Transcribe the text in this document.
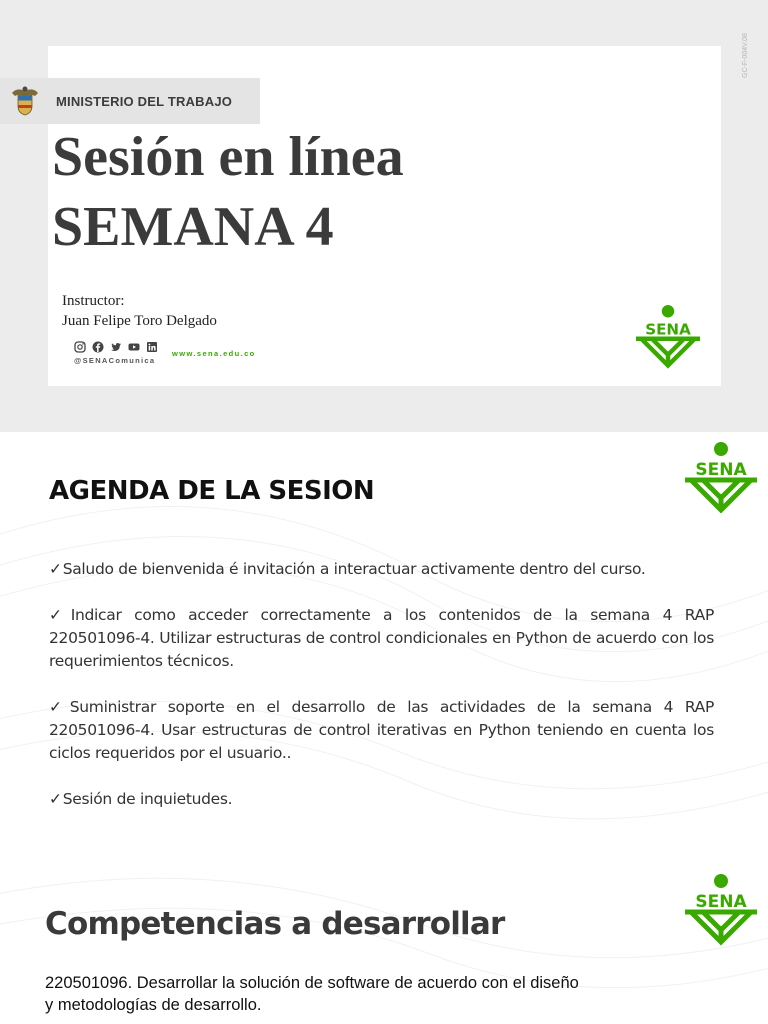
GC-F-004V.08
MINISTERIO DEL TRABAJO
Sesión en línea
SEMANA 4
Instructor:
Juan Felipe Toro Delgado
@SENAComunica
www.sena.edu.co
SENA
SENA
AGENDA DE LA SESION

✓Saludo de bienvenida é invitación a interactuar activamente dentro del curso.

✓Indicar como acceder correctamente a los contenidos de la semana 4 RAP 220501096-4. Utilizar estructuras de control condicionales en Python de acuerdo con los requerimientos técnicos.

✓Suministrar soporte en el desarrollo de las actividades de la semana 4 RAP 220501096-4. Usar estructuras de control iterativas en Python teniendo en cuenta los ciclos requeridos por el usuario..

✓Sesión de inquietudes.

SENA
Competencias a desarrollar

220501096. Desarrollar la solución de software de acuerdo con el diseño y metodologías de desarrollo.
